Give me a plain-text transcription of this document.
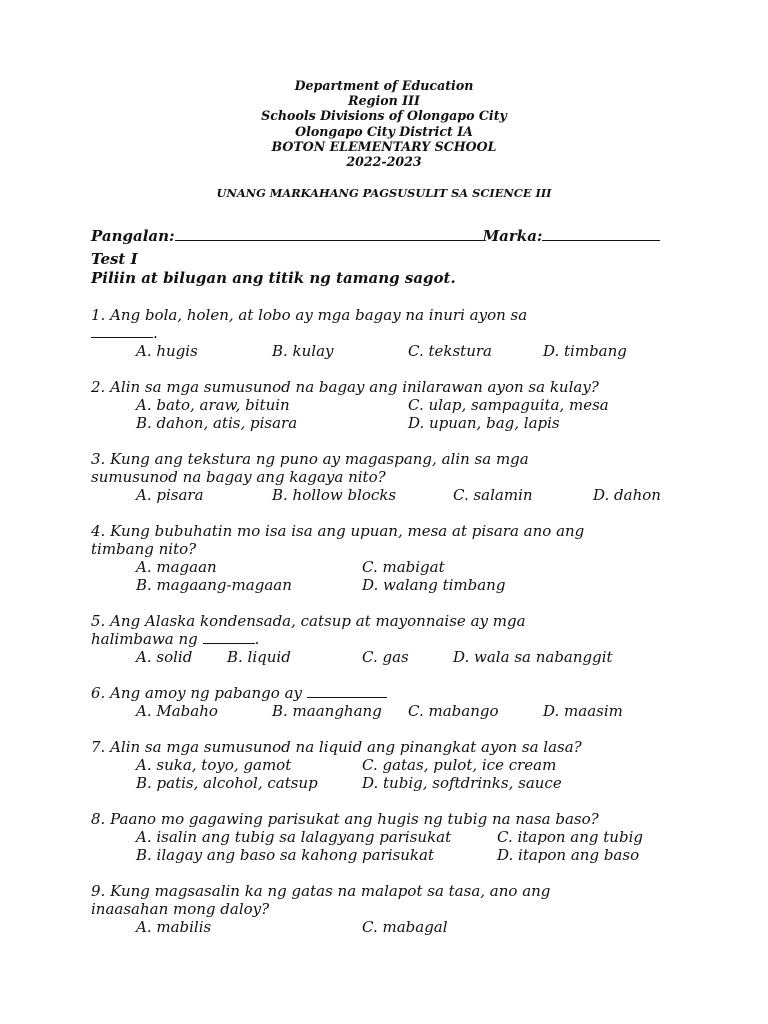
Department of Education
Region III
Schools Divisions of Olongapo City
Olongapo City District IA
BOTON ELEMENTARY SCHOOL
2022-2023
UNANG MARKAHANG PAGSUSULIT SA SCIENCE III
Pangalan:	Marka:
Test I
Piliin at bilugan ang titik ng tamang sagot.
1. Ang bola, holen, at lobo ay mga bagay na inuri ayon sa
.
A. hugis	B. kulay	C. tekstura	D. timbang
2. Alin sa mga sumusunod na bagay ang inilarawan ayon sa kulay?
A. bato, araw, bituin	C. ulap, sampaguita, mesa
B. dahon, atis, pisara	D. upuan, bag, lapis
3. Kung ang tekstura ng puno ay magaspang, alin sa mga
sumusunod na bagay ang kagaya nito?
A. pisara	B. hollow blocks	C. salamin	D. dahon
4. Kung bubuhatin mo isa isa ang upuan, mesa at pisara ano ang
timbang nito?
A. magaan	C. mabigat
B. magaang-magaan	D. walang timbang
5. Ang Alaska kondensada, catsup at mayonnaise ay mga
halimbawa ng	.
A. solid B. liquid	C. gas	D. wala sa nabanggit
6. Ang amoy ng pabango ay
A. Mabaho	B. maanghang C. mabango	D. maasim
7. Alin sa mga sumusunod na liquid ang pinangkat ayon sa lasa?
A. suka, toyo, gamot	C. gatas, pulot, ice cream
B. patis, alcohol, catsup	D. tubig, softdrinks, sauce
8. Paano mo gagawing parisukat ang hugis ng tubig na nasa baso?
A. isalin ang tubig sa lalagyang parisukat	C. itapon ang tubig
B. ilagay ang baso sa kahong parisukat	D. itapon ang baso
9. Kung magsasalin ka ng gatas na malapot sa tasa, ano ang
inaasahan mong daloy?
A. mabilis	C. mabagal
